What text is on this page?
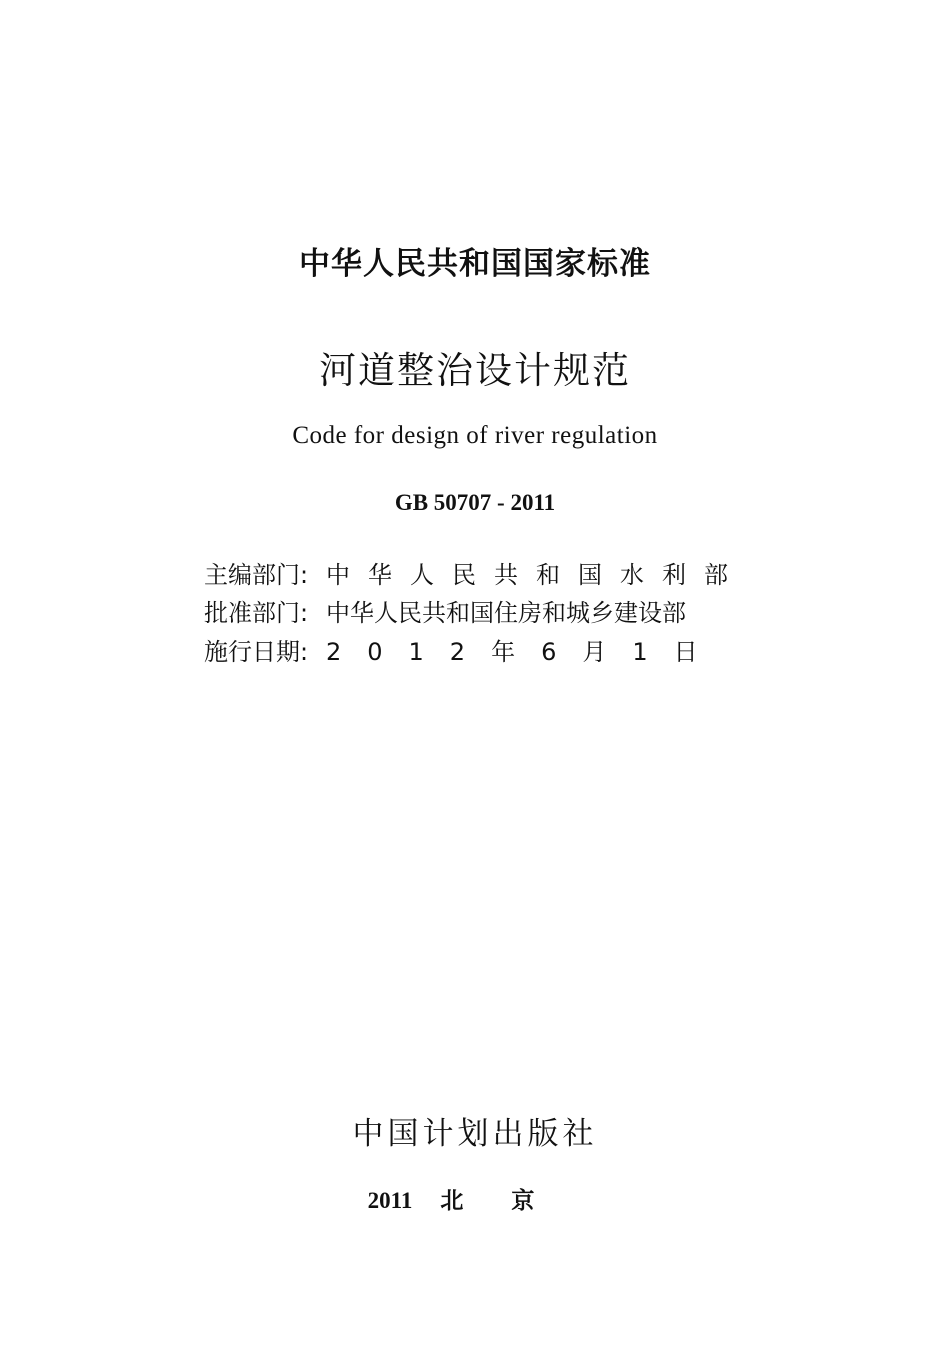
中华人民共和国国家标准
河道整治设计规范
Code for design of river regulation
GB 50707 - 2011
主编部门: 中华人民共和国水利部
批准部门: 中华人民共和国住房和城乡建设部
施行日期: 2012年6月1日
中国计划出版社
2011 北京
